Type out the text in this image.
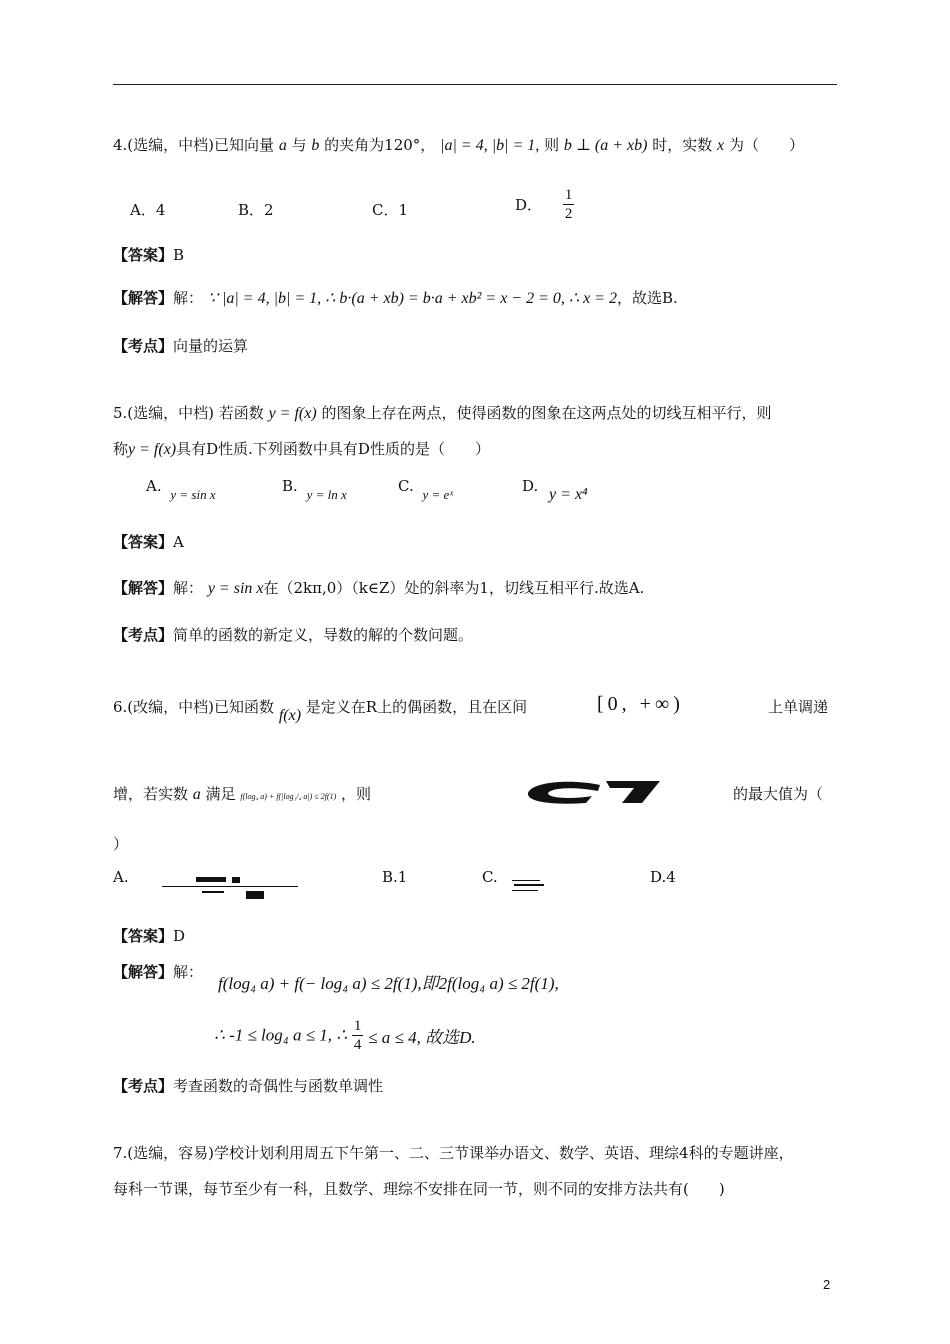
4.(选编，中档)已知向量 a 与 b 的夹角为120°， |a| = 4, |b| = 1, 则 b ⊥ (a + xb) 时，实数 x 为（　　）
A．4	B．2	C．1	D． $\frac{1}{2}$
【答案】B
【解答】解： ∵ |a| = 4, |b| = 1, ∴ b·(a + xb) = b·a + xb² = x − 2 = 0, ∴ x = 2，故选B.
【考点】向量的运算
5.(选编，中档) 若函数 y = f(x) 的图象上存在两点，使得函数的图象在这两点处的切线互相平行，则
称y = f(x)具有D性质.下列函数中具有D性质的是（　　）
A. y = sin x	B. y = ln x	C. y = eˣ	D. y = x⁴
【答案】A
【解答】解： y = sin x在（2kπ,0）（k∈Z）处的斜率为1，切线互相平行.故选A.
【考点】简单的函数的新定义，导数的解的个数问题。
6.(改编，中档)已知函数 f(x) 是定义在R上的偶函数，且在区间	[0, +∞)	上单调递
增，若实数 a 满足 f(log₄ a) + f(|log₁/₄ a|) ≤ 2f(1) ，则	的最大值为（
）
A.	B.1	C.	D.4
【答案】D
【解答】解：
f(log₄ a) + f(− log₄ a) ≤ 2f(1),即2f(log₄ a) ≤ 2f(1),
∴ -1 ≤ log₄ a ≤ 1, ∴ $\frac{1}{4} \le a \le 4$, 故选D.
【考点】考查函数的奇偶性与函数单调性
7.(选编，容易)学校计划利用周五下午第一、二、三节课举办语文、数学、英语、理综4科的专题讲座，
每科一节课，每节至少有一科，且数学、理综不安排在同一节，则不同的安排方法共有(　　)
2
